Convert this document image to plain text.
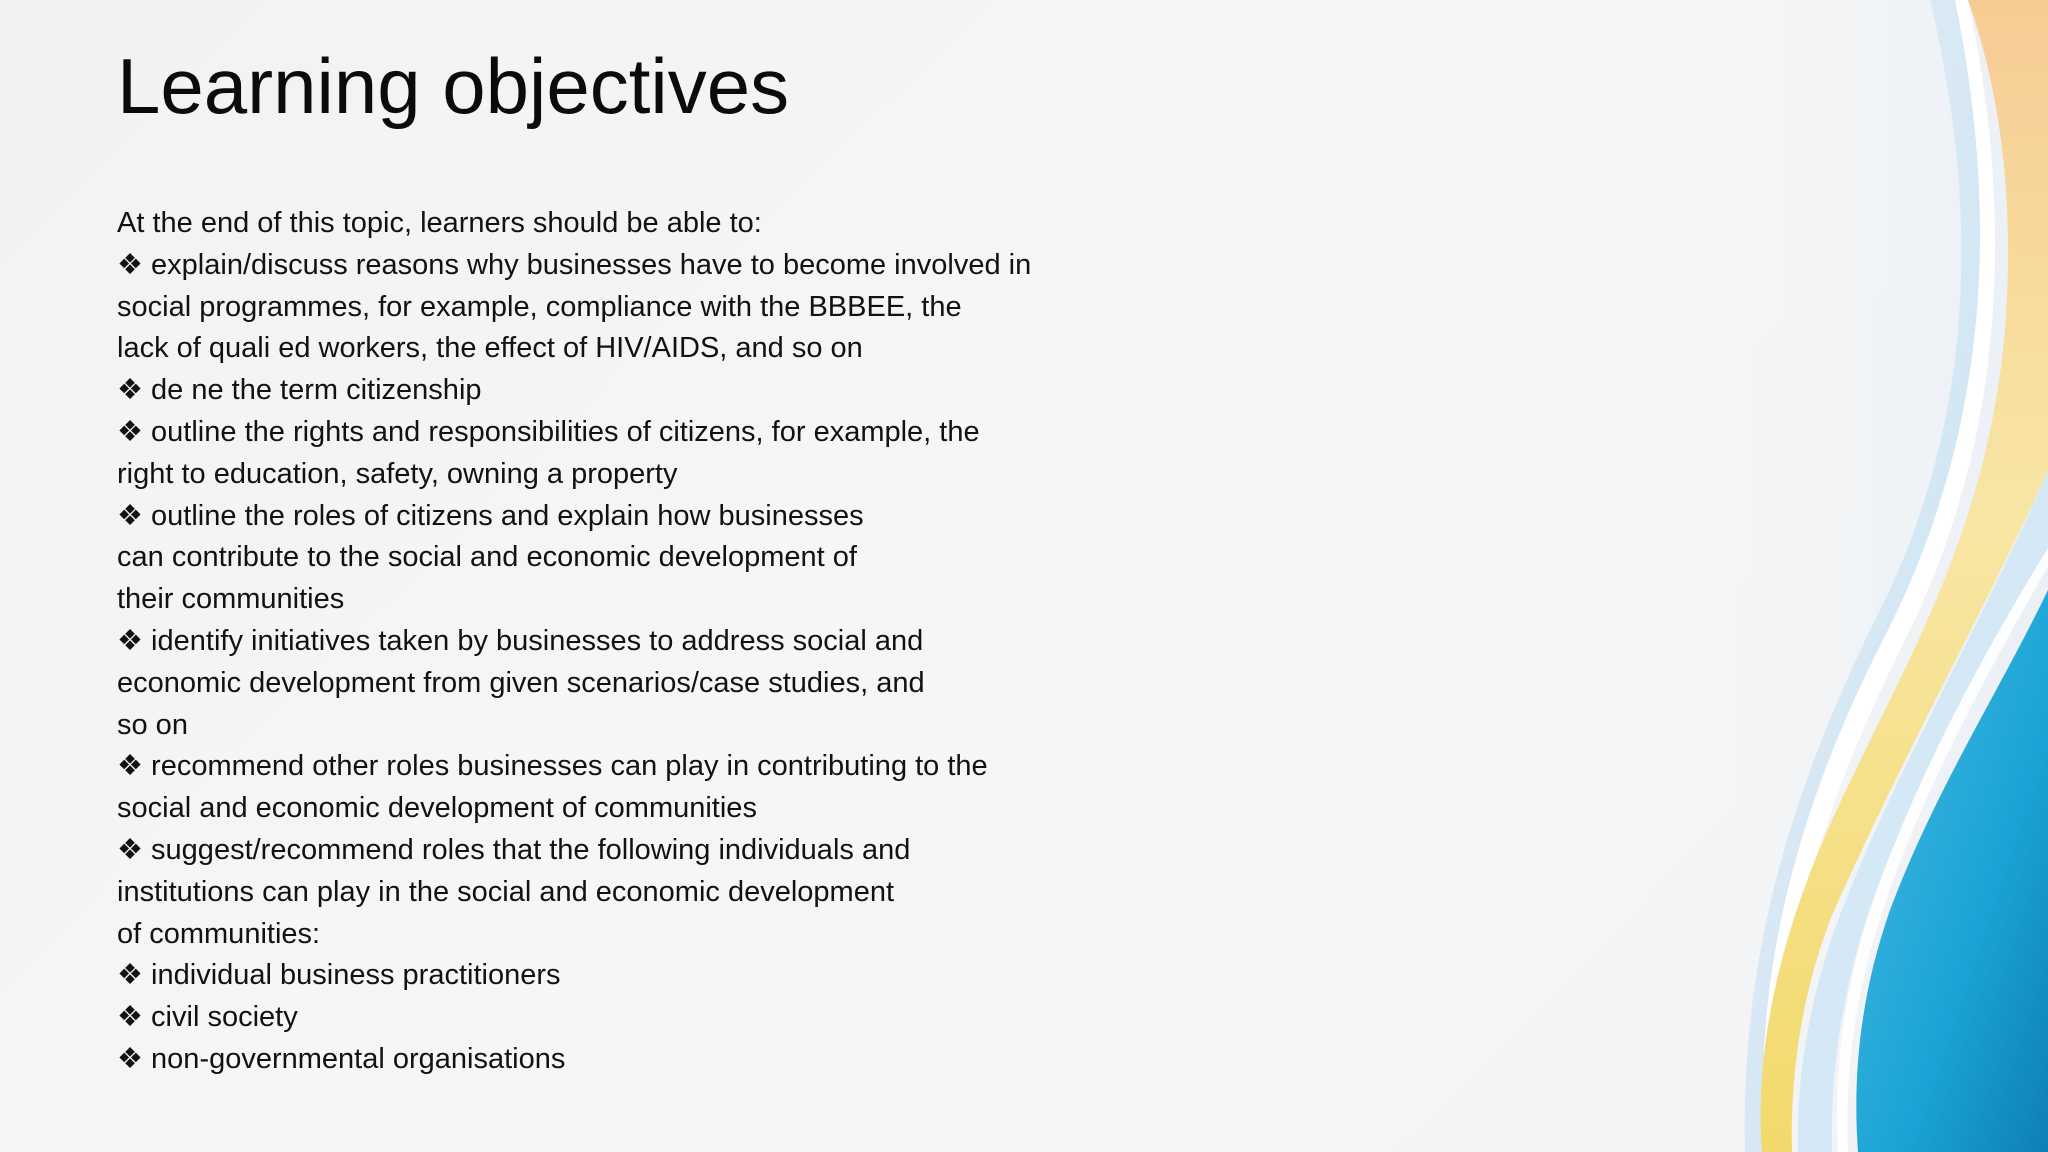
Learning objectives
At the end of this topic, learners should be able to:
❖ explain/discuss reasons why businesses have to become involved in
social programmes, for example, compliance with the BBBEE, the
lack of quali ed workers, the effect of HIV/AIDS, and so on
❖ de ne the term citizenship
❖ outline the rights and responsibilities of citizens, for example, the
right to education, safety, owning a property
❖ outline the roles of citizens and explain how businesses
can contribute to the social and economic development of
their communities
❖ identify initiatives taken by businesses to address social and
economic development from given scenarios/case studies, and
so on
❖ recommend other roles businesses can play in contributing to the
social and economic development of communities
❖ suggest/recommend roles that the following individuals and
institutions can play in the social and economic development
of communities:
❖ individual business practitioners
❖ civil society
❖ non-governmental organisations
